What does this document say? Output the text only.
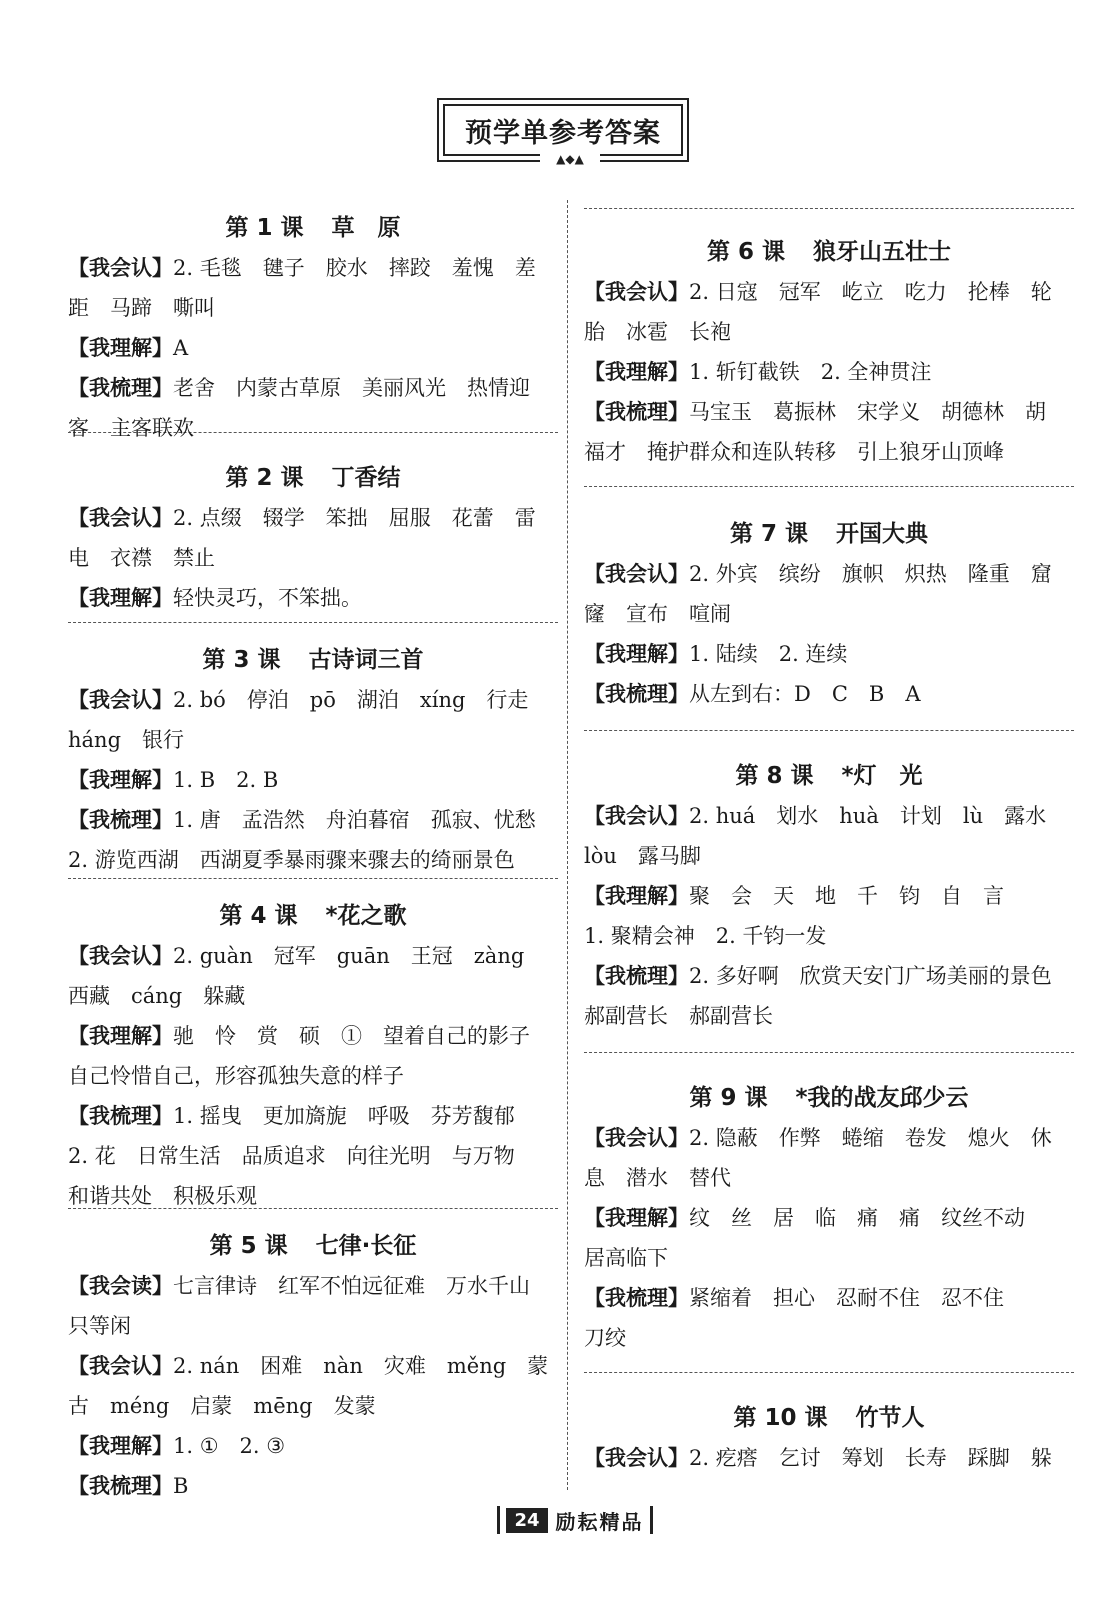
预学单参考答案
▲◆▲
第 1 课 草　原
【我会认】2. 毛毯　毽子　胶水　摔跤　羞愧　差
距　马蹄　嘶叫
【我理解】A
【我梳理】老舍　内蒙古草原　美丽风光　热情迎
客　主客联欢
第 2 课 丁香结
【我会认】2. 点缀　辍学　笨拙　屈服　花蕾　雷
电　衣襟　禁止
【我理解】轻快灵巧，不笨拙。
第 3 课 古诗词三首
【我会认】2. bó　停泊　pō　湖泊　xíng　行走
háng　银行
【我理解】1. B　2. B
【我梳理】1. 唐　孟浩然　舟泊暮宿　孤寂、忧愁
2. 游览西湖　西湖夏季暴雨骤来骤去的绮丽景色
第 4 课 *花之歌
【我会认】2. guàn　冠军　guān　王冠　zàng
西藏　cáng　躲藏
【我理解】驰　怜　赏　硕　①　望着自己的影子
自己怜惜自己，形容孤独失意的样子
【我梳理】1. 摇曳　更加旖旎　呼吸　芬芳馥郁
2. 花　日常生活　品质追求　向往光明　与万物
和谐共处　积极乐观
第 5 课 七律·长征
【我会读】七言律诗　红军不怕远征难　万水千山
只等闲
【我会认】2. nán　困难　nàn　灾难　měng　蒙
古　méng　启蒙　mēng　发蒙
【我理解】1. ①　2. ③
【我梳理】B
第 6 课 狼牙山五壮士
【我会认】2. 日寇　冠军　屹立　吃力　抡棒　轮
胎　冰雹　长袍
【我理解】1. 斩钉截铁　2. 全神贯注
【我梳理】马宝玉　葛振林　宋学义　胡德林　胡
福才　掩护群众和连队转移　引上狼牙山顶峰
第 7 课 开国大典
【我会认】2. 外宾　缤纷　旗帜　炽热　隆重　窟
窿　宣布　喧闹
【我理解】1. 陆续　2. 连续
【我梳理】从左到右：D　C　B　A
第 8 课 *灯　光
【我会认】2. huá　划水　huà　计划　lù　露水
lòu　露马脚
【我理解】聚　会　天　地　千　钧　自　言
1. 聚精会神　2. 千钧一发
【我梳理】2. 多好啊　欣赏天安门广场美丽的景色
郝副营长　郝副营长
第 9 课 *我的战友邱少云
【我会认】2. 隐蔽　作弊　蜷缩　卷发　熄火　休
息　潜水　替代
【我理解】纹　丝　居　临　痛　痛　纹丝不动
居高临下
【我梳理】紧缩着　担心　忍耐不住　忍不住
刀绞
第 10 课 竹节人
【我会认】2. 疙瘩　乞讨　筹划　长寿　踩脚　躲
24 励耘精品
